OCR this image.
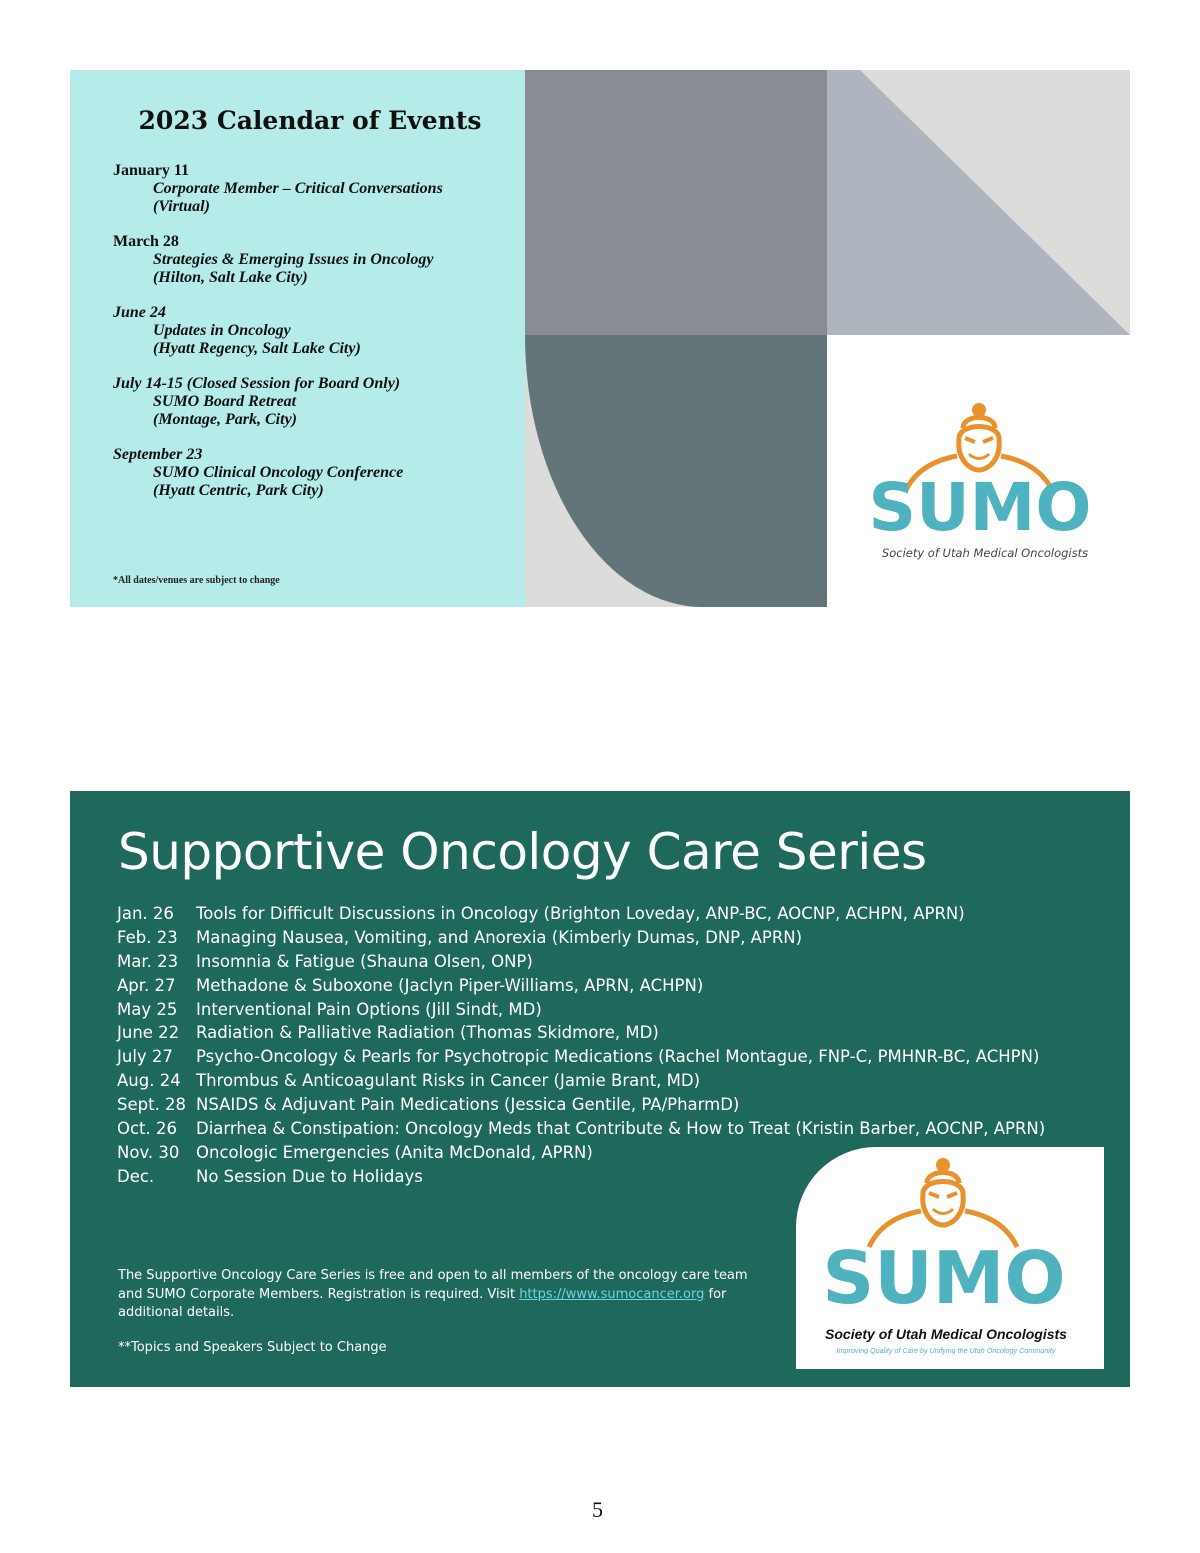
2023 Calendar of Events
January 11
Corporate Member – Critical Conversations
(Virtual)
March 28
Strategies & Emerging Issues in Oncology
(Hilton, Salt Lake City)
June 24
Updates in Oncology
(Hyatt Regency, Salt Lake City)
July 14-15 (Closed Session for Board Only)
SUMO Board Retreat
(Montage, Park, City)
September 23
SUMO Clinical Oncology Conference
(Hyatt Centric, Park City)
*All dates/venues are subject to change
SUMO
Society of Utah Medical Oncologists
Supportive Oncology Care Series
Jan. 26	Tools for Difficult Discussions in Oncology (Brighton Loveday, ANP-BC, AOCNP, ACHPN, APRN)
Feb. 23	Managing Nausea, Vomiting, and Anorexia (Kimberly Dumas, DNP, APRN)
Mar. 23	Insomnia & Fatigue (Shauna Olsen, ONP)
Apr. 27	Methadone & Suboxone (Jaclyn Piper-Williams, APRN, ACHPN)
May 25	Interventional Pain Options (Jill Sindt, MD)
June 22	Radiation & Palliative Radiation (Thomas Skidmore, MD)
July 27	Psycho-Oncology & Pearls for Psychotropic Medications (Rachel Montague, FNP-C, PMHNR-BC, ACHPN)
Aug. 24 Thrombus & Anticoagulant Risks in Cancer (Jamie Brant, MD)
Sept. 28 NSAIDS & Adjuvant Pain Medications (Jessica Gentile, PA/PharmD)
Oct. 26	Diarrhea & Constipation: Oncology Meds that Contribute & How to Treat (Kristin Barber, AOCNP, APRN)
Nov. 30	Oncologic Emergencies (Anita McDonald, APRN)
Dec.	No Session Due to Holidays
The Supportive Oncology Care Series is free and open to all members of the oncology care team
and SUMO Corporate Members. Registration is required. Visit https://www.sumocancer.org for
additional details.
**Topics and Speakers Subject to Change
SUMO
Society of Utah Medical Oncologists
Improving Quality of Care by Unifying the Utah Oncology Community
5
